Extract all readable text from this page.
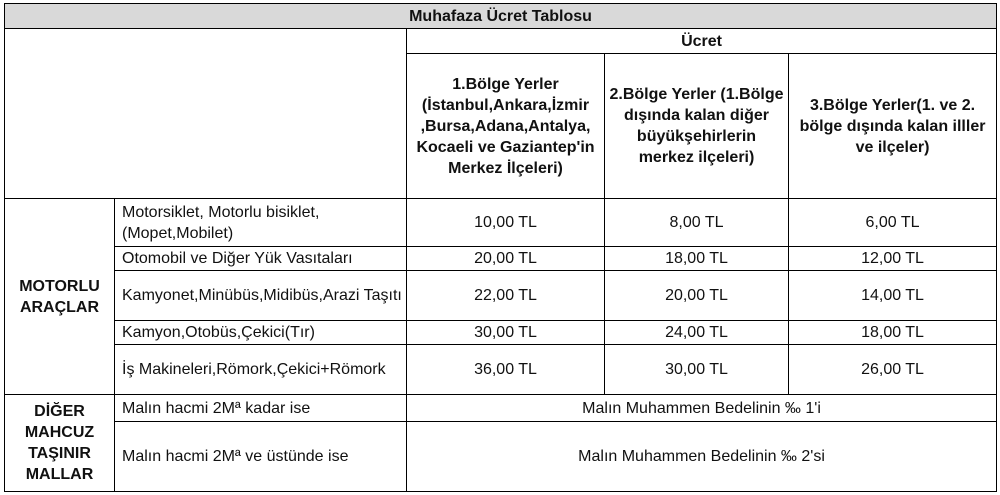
Muhafaza Ücret Tablosu				
		Ücret		
		1.Bölge Yerler (İstanbul,Ankara,İzmir ,Bursa,Adana,Antalya, Kocaeli ve Gaziantep'in Merkez İlçeleri)	2.Bölge Yerler (1.Bölge dışında kalan diğer büyükşehirlerin merkez ilçeleri)	3.Bölge Yerler(1. ve 2. bölge dışında kalan illler ve ilçeler)
MOTORLU ARAÇLAR	Motorsiklet, Motorlu bisiklet, (Mopet,Mobilet)	10,00 TL	8,00 TL	6,00 TL
	Otomobil ve Diğer Yük Vasıtaları	20,00 TL	18,00 TL	12,00 TL
	Kamyonet,Minübüs,Midibüs,Arazi Taşıtı	22,00 TL	20,00 TL	14,00 TL
	Kamyon,Otobüs,Çekici(Tır)	30,00 TL	24,00 TL	18,00 TL
	İş Makineleri,Römork,Çekici+Römork	36,00 TL	30,00 TL	26,00 TL
DİĞER MAHCUZ TAŞINIR MALLAR	Malın hacmi 2Mª kadar ise	Malın Muhammen Bedelinin ‰ 1'i		
	Malın hacmi 2Mª ve üstünde ise	Malın Muhammen Bedelinin ‰ 2'si		
